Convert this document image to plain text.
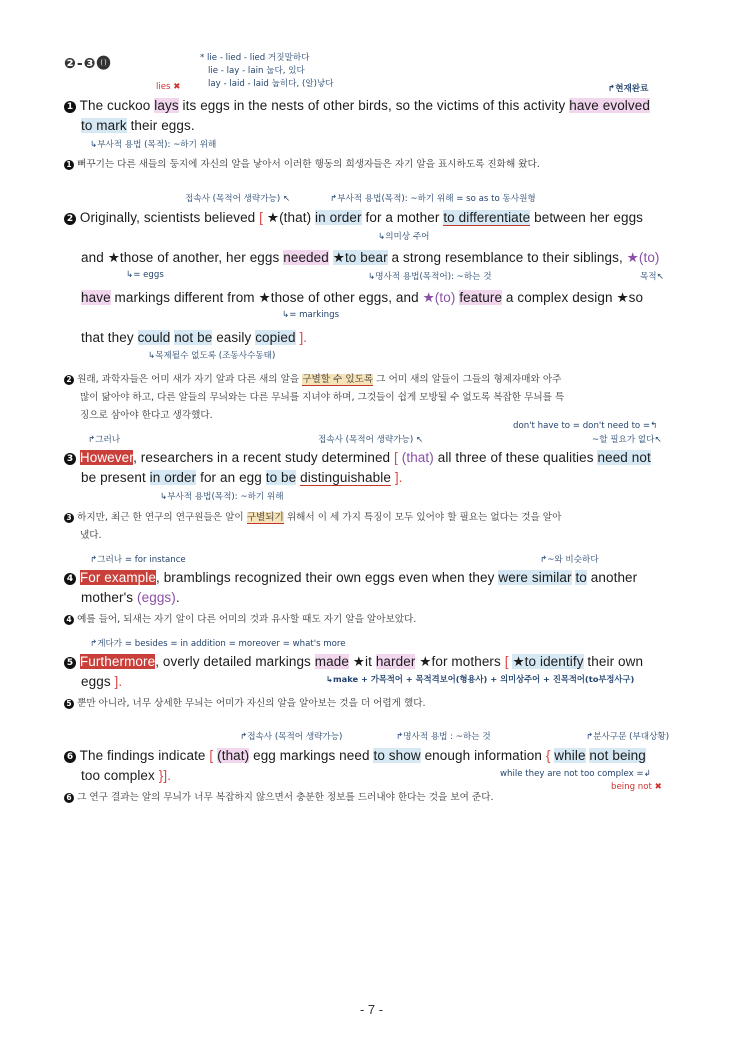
❷-❸⓿	* lie - lied - lied 거짓말하다
lie - lay - lain 눕다, 있다
lay - laid - laid 눕히다, (알)낳다
lies ✖	↱현재완료
1 The cuckoo lays its eggs in the nests of other birds, so the victims of this activity have evolved
to mark their eggs.
↳부사적 용법 (목적): ~하기 위해
1 뻐꾸기는 다른 새들의 둥지에 자신의 알을 낳아서 이러한 행동의 희생자들은 자기 알을 표시하도록 진화해 왔다.
접속사 (목적어 생략가능) ↖	↱부사적 용법(목적): ~하기 위해 = so as to 동사원형
2 Originally, scientists believed [ ★(that) in order for a mother to differentiate between her eggs
↳의미상 주어
and ★those of another, her eggs needed ★to bear a strong resemblance to their siblings, ★(to)
↳= eggs	↳명사적 용법(목적어): ~하는 것	목적↖
have markings different from ★those of other eggs, and ★(to) feature a complex design ★so
↳= markings
that they could not be easily copied ].
↳목제될수 없도록 (조동사수동태)
2 원래, 과학자들은 어미 새가 자기 알과 다른 새의 알을 구별할 수 있도록 그 어미 새의 알들이 그들의 형제자매와 아주
많이 닮아야 하고, 다른 알들의 무늬와는 다른 무늬를 지녀야 하며, 그것들이 쉽게 모방될 수 없도록 복잡한 무늬를 특
징으로 삼아야 한다고 생각했다.
don't have to = don't need to =↰
↱그러나	접속사 (목적어 생략가능) ↖	~할 필요가 없다↖
3 However, researchers in a recent study determined [ (that) all three of these qualities need not
be present in order for an egg to be distinguishable ].
↳부사적 용법(목적): ~하기 위해
3 하지만, 최근 한 연구의 연구원들은 알이 구별되기 위해서 이 세 가지 특징이 모두 있어야 할 필요는 없다는 것을 알아
냈다.
↱그러나 = for instance	↱~와 비슷하다
4 For example, bramblings recognized their own eggs even when they were similar to another
mother's (eggs).
4 예를 들어, 되새는 자기 알이 다른 어미의 것과 유사할 때도 자기 알을 알아보았다.
↱게다가 = besides = in addition = moreover = what's more
5 Furthermore, overly detailed markings made ★it harder ★for mothers [ ★to identify their own
eggs ].	↳make + 가목적어 + 목적격보어(형용사) + 의미상주어 + 진목적어(to부정사구)
5 뿐만 아니라, 너무 상세한 무늬는 어미가 자신의 알을 알아보는 것을 더 어렵게 했다.
↱접속사 (목적어 생략가능)	↱명사적 용법 : ~하는 것	↱분사구문 (부대상황)
6 The findings indicate [ (that) egg markings need to show enough information { while not being
too complex }].	while they are not too complex =↲
being not ✖
6 그 연구 결과는 알의 무늬가 너무 복잡하지 않으면서 충분한 정보를 드러내야 한다는 것을 보여 준다.
- 7 -
